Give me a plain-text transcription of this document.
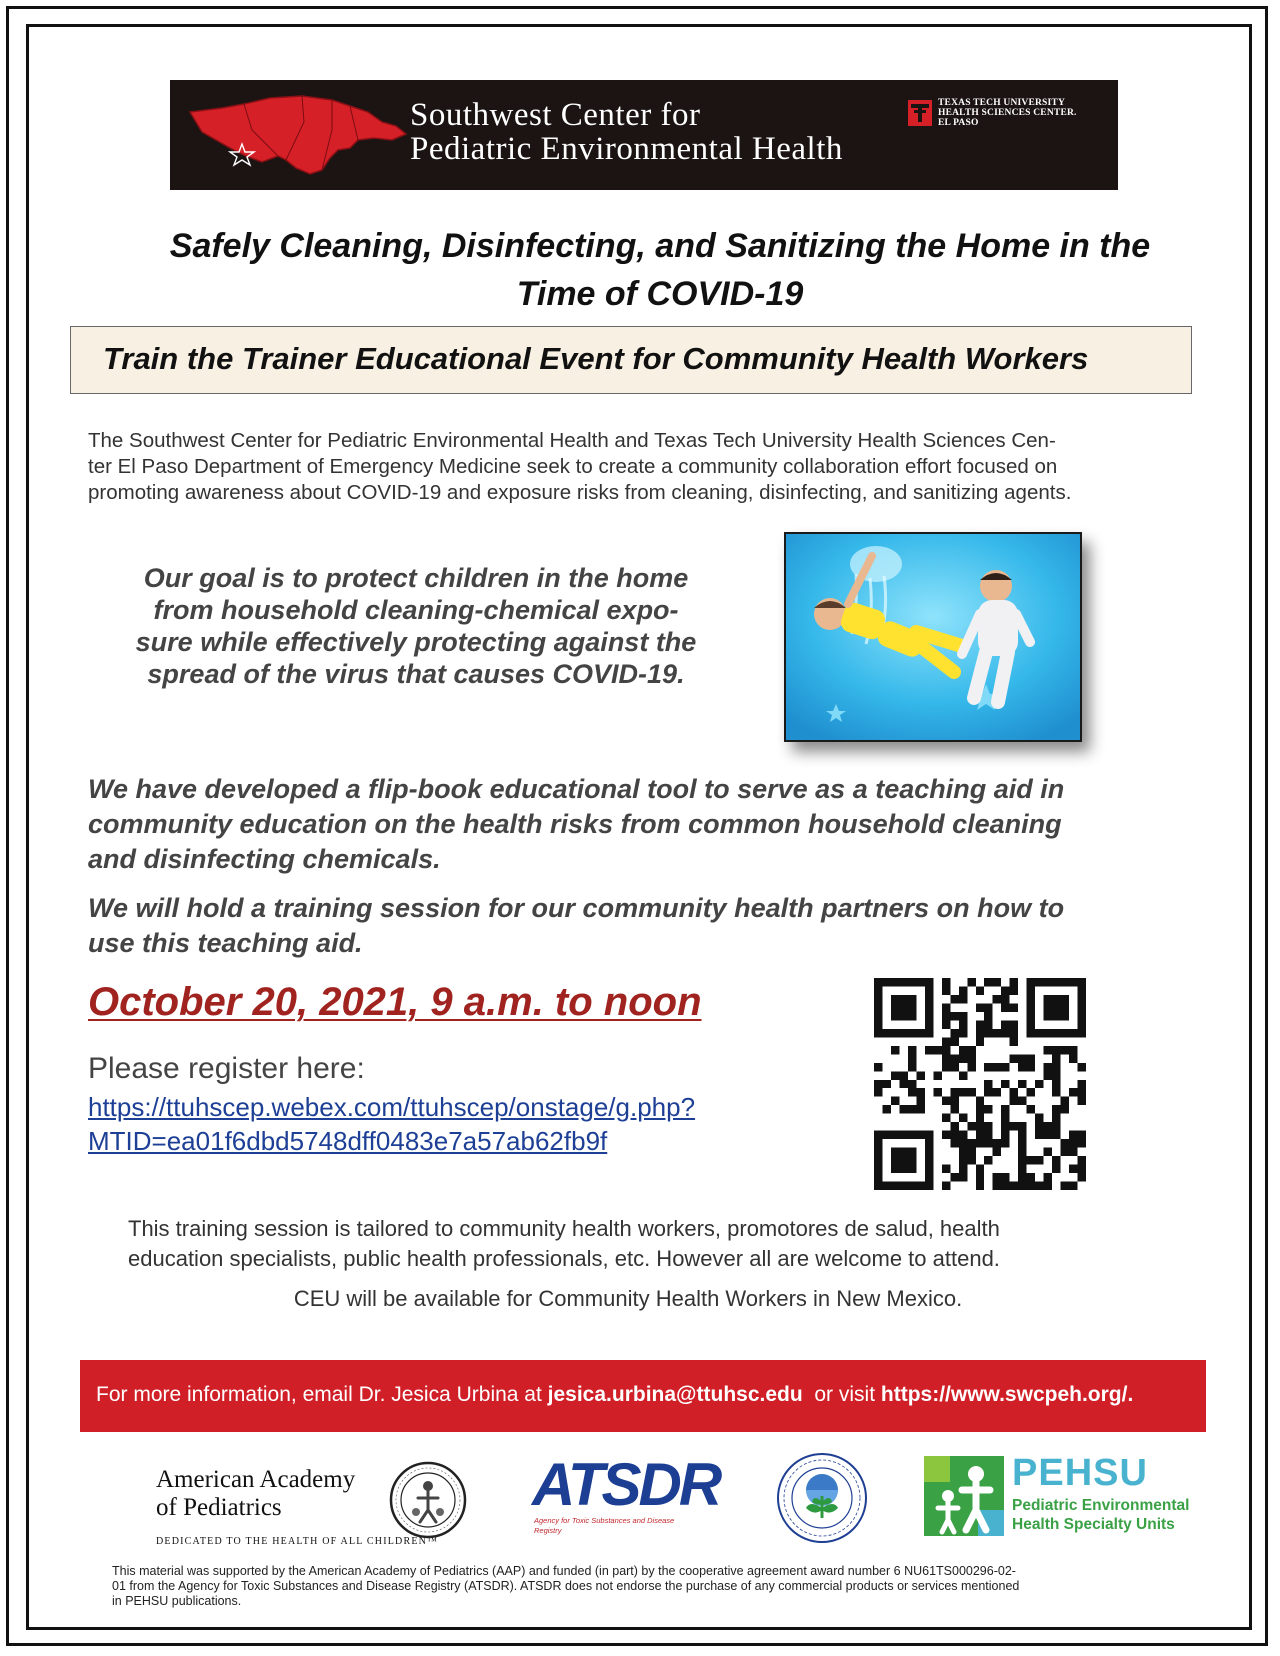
Southwest Center for
Pediatric Environmental Health
TEXAS TECH UNIVERSITY
HEALTH SCIENCES CENTER.
EL PASO
Safely Cleaning, Disinfecting, and Sanitizing the Home in the
Time of COVID-19
Train the Trainer Educational Event for Community Health Workers
The Southwest Center for Pediatric Environmental Health and Texas Tech University Health Sciences Cen-
ter El Paso Department of Emergency Medicine seek to create a community collaboration effort focused on
promoting awareness about COVID-19 and exposure risks from cleaning, disinfecting, and sanitizing agents.
Our goal is to protect children in the home
from household cleaning-chemical expo-
sure while effectively protecting against the
spread of the virus that causes COVID-19.
We have developed a flip-book educational tool to serve as a teaching aid in
community education on the health risks from common household cleaning
and disinfecting chemicals.
We will hold a training session for our community health partners on how to
use this teaching aid.
October 20, 2021, 9 a.m. to noon
Please register here:
https://ttuhscep.webex.com/ttuhscep/onstage/g.php?
MTID=ea01f6dbd5748dff0483e7a57ab62fb9f
This training session is tailored to community health workers, promotores de salud, health
education specialists, public health professionals, etc. However all are welcome to attend.
CEU will be available for Community Health Workers in New Mexico.
For more information, email Dr. Jesica Urbina at jesica.urbina@ttuhsc.edu  or visit https://www.swcpeh.org/.
American Academy
of Pediatrics
DEDICATED TO THE HEALTH OF ALL CHILDREN™
ATSDR
Agency for Toxic Substances and Disease Registry
PEHSU
Pediatric Environmental
Health Specialty Units
This material was supported by the American Academy of Pediatrics (AAP) and funded (in part) by the cooperative agreement award number 6 NU61TS000296-02-
01 from the Agency for Toxic Substances and Disease Registry (ATSDR). ATSDR does not endorse the purchase of any commercial products or services mentioned
in PEHSU publications.
